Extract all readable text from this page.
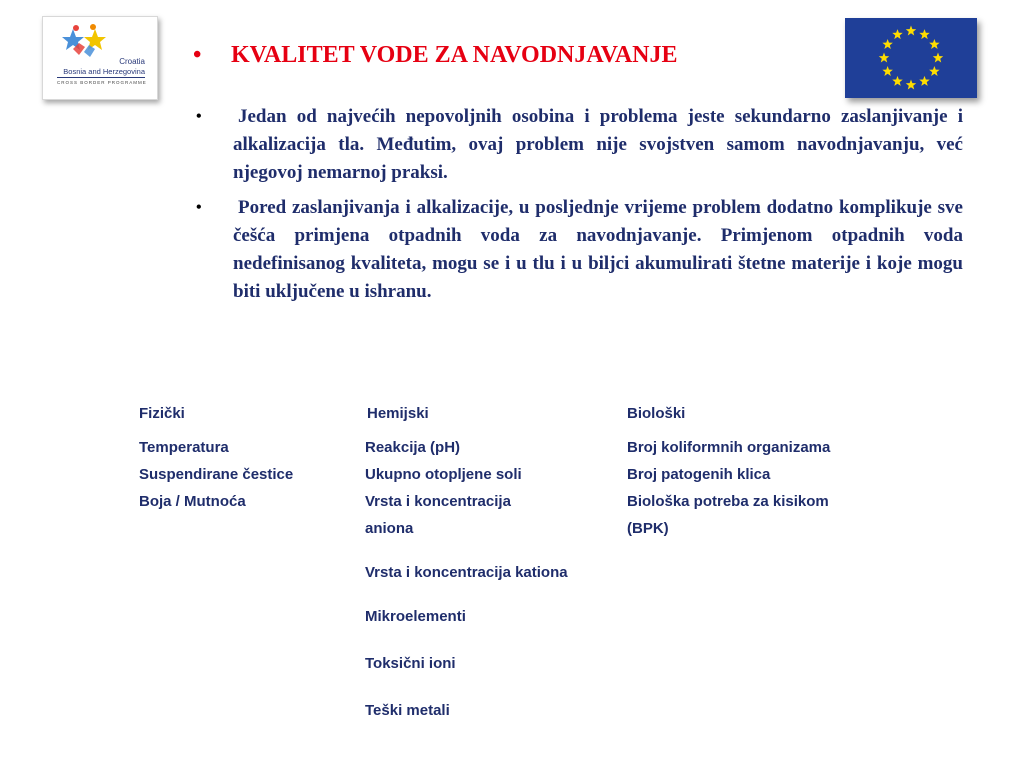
Croatia
Bosnia and Herzegovina
CROSS BORDER PROGRAMME
• KVALITET VODE ZA NAVODNJAVANJE
• Jedan od najvećih nepovoljnih osobina i problema jeste sekundarno zaslanjivanje i alkalizacija tla. Međutim, ovaj problem nije svojstven samom navodnjavanju, već njegovoj nemarnoj praksi.
• Pored zaslanjivanja i alkalizacije, u posljednje vrijeme problem dodatno komplikuje sve češća primjena otpadnih voda za navodnjavanje. Primjenom otpadnih voda nedefinisanog kvaliteta, mogu se i u tlu i u biljci akumulirati štetne materije i koje mogu biti uključene u ishranu.
Fizički	Hemijski	Biološki
Temperatura
Suspendirane čestice
Boja / Mutnoća
Reakcija (pH)
Ukupno otopljene soli
Vrsta i koncentracija
aniona
Vrsta i koncentracija kationa
Mikroelementi
Toksični ioni
Teški metali
Broj koliformnih organizama
Broj patogenih klica
Biološka potreba za kisikom
(BPK)
